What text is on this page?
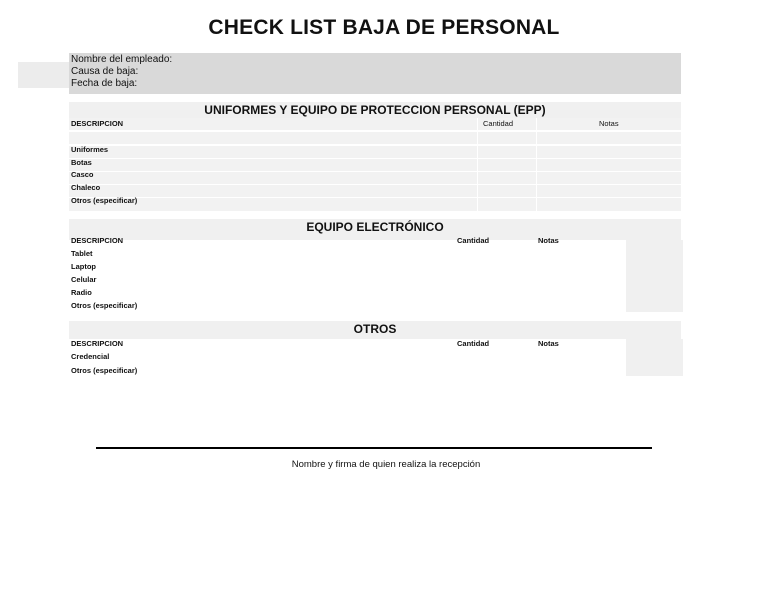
CHECK LIST BAJA DE PERSONAL
Nombre del empleado:
Causa de baja:
Fecha de baja:
UNIFORMES Y EQUIPO DE PROTECCION PERSONAL (EPP)
DESCRIPCION	Cantidad	Notas
Uniformes
Botas
Casco
Chaleco
Otros (especificar)
EQUIPO ELECTRÓNICO
DESCRIPCION	Cantidad	Notas
Tablet
Laptop
Celular
Radio
Otros (especificar)
OTROS
DESCRIPCION	Cantidad	Notas
Credencial
Otros (especificar)
Nombre y firma de quien realiza la recepción
